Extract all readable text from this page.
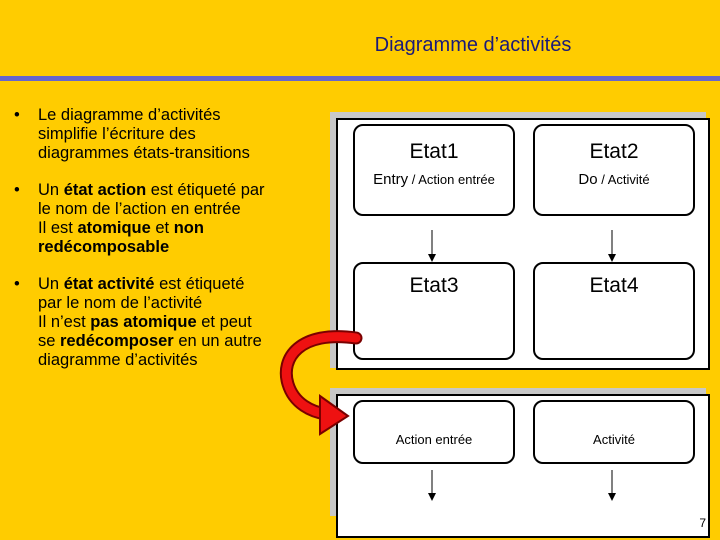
Diagramme d’activités
• Le diagramme d’activités
simplifie l’écriture des
diagrammes états-transitions
• Un état action est étiqueté par
le nom de l’action en entrée
Il est atomique et non
redécomposable
• Un état activité est étiqueté
par le nom de l’activité
Il n’est pas atomique et peut
se redécomposer en un autre
diagramme d’activités
Etat1
Entry / Action entrée
Etat2
Do / Activité
Etat3	Etat4
Action entrée	Activité
7
